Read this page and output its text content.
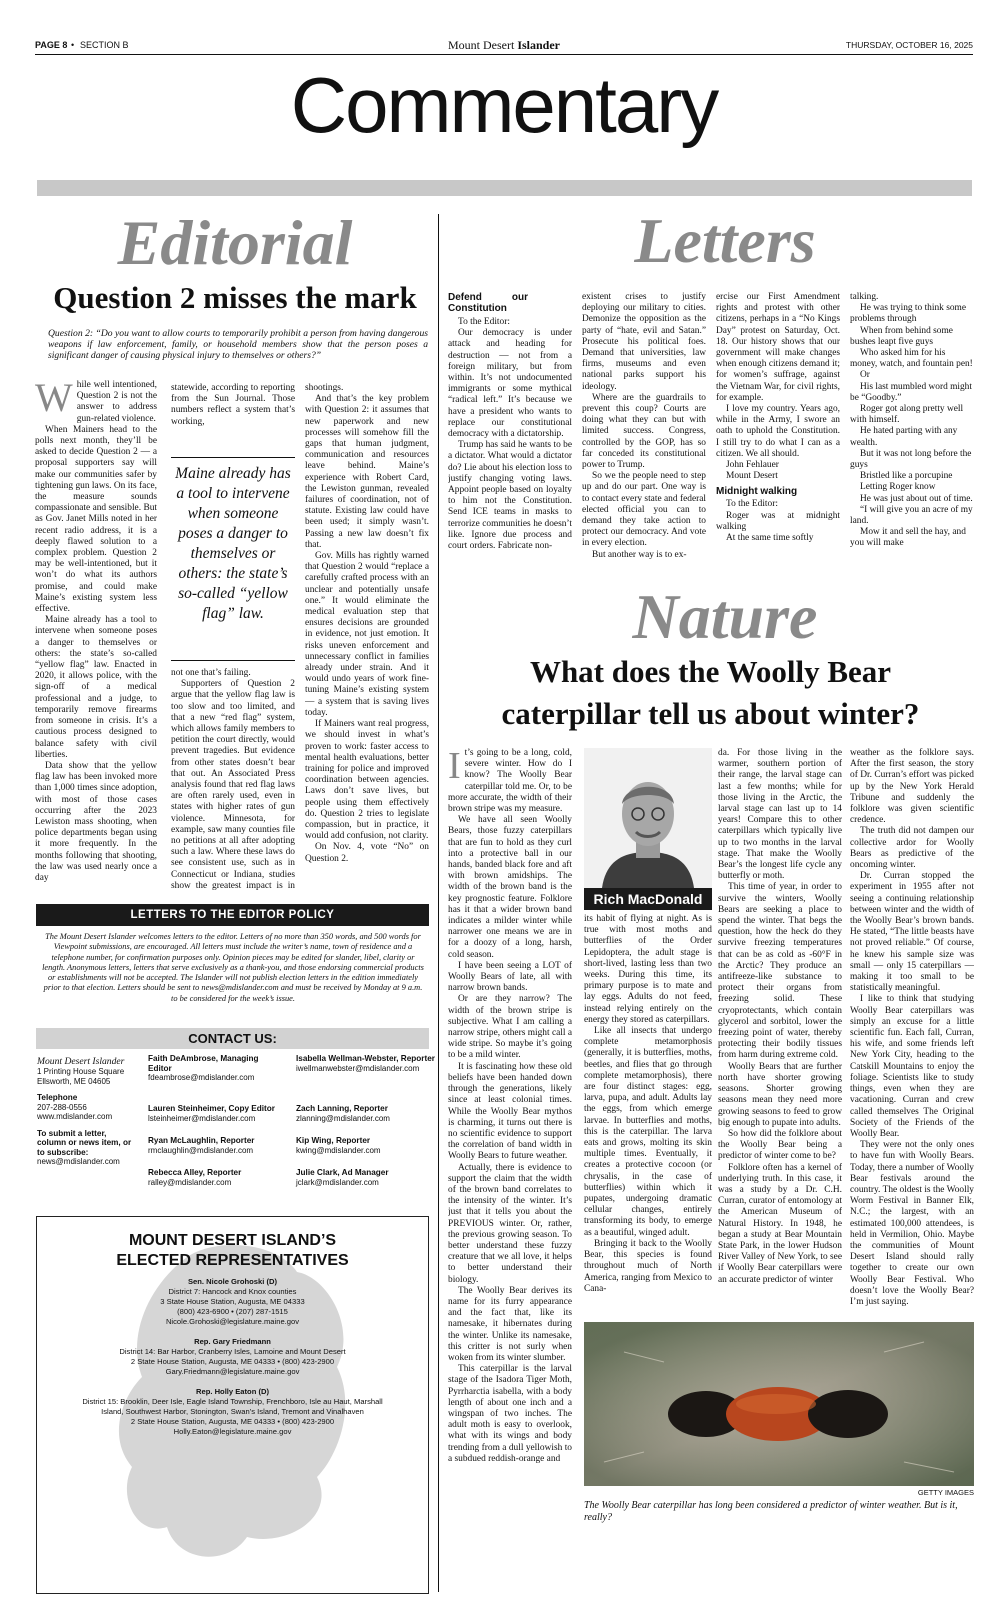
PAGE 8 • SECTION B	Mount Desert Islander	THURSDAY, OCTOBER 16, 2025
Commentary
Editorial
Question 2 misses the mark
Question 2: “Do you want to allow courts to temporarily prohibit a person from having dangerous weapons if law enforcement, family, or household members show that the person poses a significant danger of causing physical injury to themselves or others?”
W hile well intentioned, Question 2 is not the answer to address gun-related violence.

When Mainers head to the polls next month, they’ll be asked to decide Question 2 — a proposal supporters say will make our communities safer by tightening gun laws. On its face, the measure sounds compassionate and sensible. But as Gov. Janet Mills noted in her recent radio address, it is a deeply flawed solution to a complex problem. Question 2 may be well-intentioned, but it won’t do what its authors promise, and could make Maine’s existing system less effective.

Maine already has a tool to intervene when someone poses a danger to themselves or others: the state’s so-called “yellow flag” law. Enacted in 2020, it allows police, with the sign-off of a medical professional and a judge, to temporarily remove firearms from someone in crisis. It’s a cautious process designed to balance safety with civil liberties.

Data show that the yellow flag law has been invoked more than 1,000 times since adoption, with most of those cases occurring after the 2023 Lewiston mass shooting, when police departments began using it more frequently. In the months following that shooting, the law was used nearly once a day

statewide, according to reporting from the Sun Journal. Those numbers reflect a system that’s working,

Maine already has a tool to intervene when someone poses a danger to themselves or others: the state’s so-called “yellow flag” law.

not one that’s failing.

Supporters of Question 2 argue that the yellow flag law is too slow and too limited, and that a new “red flag” system, which allows family members to petition the court directly, would prevent tragedies. But evidence from other states doesn’t bear that out. An Associated Press analysis found that red flag laws are often rarely used, even in states with higher rates of gun violence. Minnesota, for example, saw many counties file no petitions at all after adopting such a law. Where these laws do see consistent use, such as in Connecticut or Indiana, studies show the greatest impact is in

shootings.

And that’s the key problem with Question 2: it assumes that new paperwork and new processes will somehow fill the gaps that human judgment, communication and resources leave behind. Maine’s experience with Robert Card, the Lewiston gunman, revealed failures of coordination, not of statute. Existing law could have been used; it simply wasn’t. Passing a new law doesn’t fix that.

Gov. Mills has rightly warned that Question 2 would “replace a carefully crafted process with an unclear and potentially unsafe one.” It would eliminate the medical evaluation step that ensures decisions are grounded in evidence, not just emotion. It risks uneven enforcement and unnecessary conflict in families already under strain. And it would undo years of work fine-tuning Maine’s existing system — a system that is saving lives today.

If Mainers want real progress, we should invest in what’s proven to work: faster access to mental health evaluations, better training for police and improved coordination between agencies. Laws don’t save lives, but people using them effectively do. Question 2 tries to legislate compassion, but in practice, it would add confusion, not clarity.

On Nov. 4, vote “No” on Question 2.

LETTERS TO THE EDITOR POLICY
The Mount Desert Islander welcomes letters to the editor. Letters of no more than 350 words, and 500 words for Viewpoint submissions, are encouraged. All letters must include the writer’s name, town of residence and a telephone number, for confirmation purposes only. Opinion pieces may be edited for slander, libel, clarity or length. Anonymous letters, letters that serve exclusively as a thank-you, and those endorsing commercial products or establishments will not be accepted. The Islander will not publish election letters in the edition immediately prior to that election. Letters should be sent to news@mdislander.com and must be received by Monday at 9 a.m. to be considered for the week’s issue.
CONTACT US:
Mount Desert Islander
1 Printing House Square
Ellsworth, ME 04605
Telephone
207-288-0556
www.mdislander.com
To submit a letter, column or news item, or to subscribe:
news@mdislander.com
Faith DeAmbrose, Managing Editor
fdeambrose@mdislander.com
Isabella Wellman-Webster, Reporter
iwellmanwebster@mdislander.com
Lauren Steinheimer, Copy Editor
lsteinheimer@mdislander.com
Zach Lanning, Reporter
zlanning@mdislander.com
Ryan McLaughlin, Reporter
rmclaughlin@mdislander.com
Kip Wing, Reporter
kwing@mdislander.com
Rebecca Alley, Reporter
ralley@mdislander.com
Julie Clark, Ad Manager
jclark@mdislander.com
MOUNT DESERT ISLAND’S
ELECTED REPRESENTATIVES
Sen. Nicole Grohoski (D)
District 7: Hancock and Knox counties
3 State House Station, Augusta, ME 04333
(800) 423-6900 • (207) 287-1515
Nicole.Grohoski@legislature.maine.gov
Rep. Gary Friedmann
District 14: Bar Harbor, Cranberry Isles, Lamoine and Mount Desert
2 State House Station, Augusta, ME 04333 • (800) 423-2900
Gary.Friedmann@legislature.maine.gov
Rep. Holly Eaton (D)
District 15: Brooklin, Deer Isle, Eagle Island Township, Frenchboro, Isle au Haut, Marshall
Island, Southwest Harbor, Stonington, Swan’s Island, Tremont and Vinalhaven
2 State House Station, Augusta, ME 04333 • (800) 423-2900
Holly.Eaton@legislature.maine.gov
Letters
Defend our Constitution

To the Editor:

Our democracy is under attack and heading for destruction — not from a foreign military, but from within. It’s not undocumented immigrants or some mythical “radical left.” It’s because we have a president who wants to replace our constitutional democracy with a dictatorship.

Trump has said he wants to be a dictator. What would a dictator do? Lie about his election loss to justify changing voting laws. Appoint people based on loyalty to him not the Constitution. Send ICE teams in masks to terrorize communities he doesn’t like. Ignore due process and court orders. Fabricate non-

existent crises to justify deploying our military to cities. Demonize the opposition as the party of “hate, evil and Satan.” Prosecute his political foes. Demand that universities, law firms, museums and even national parks support his ideology.

Where are the guardrails to prevent this coup? Courts are doing what they can but with limited success. Congress, controlled by the GOP, has so far conceded its constitutional power to Trump.

So we the people need to step up and do our part. One way is to contact every state and federal elected official you can to demand they take action to protect our democracy. And vote in every election.

But another way is to ex-

ercise our First Amendment rights and protest with other citizens, perhaps in a “No Kings Day” protest on Saturday, Oct. 18. Our history shows that our government will make changes when enough citizens demand it; for women’s suffrage, against the Vietnam War, for civil rights, for example.

I love my country. Years ago, while in the Army, I swore an oath to uphold the Constitution. I still try to do what I can as a citizen. We all should.

John Fehlauer

Mount Desert

Midnight walking

To the Editor:

Roger was at midnight walking

At the same time softly

talking.

He was trying to think some problems through

When from behind some bushes leapt five guys

Who asked him for his money, watch, and fountain pen!

Or

His last mumbled word might be “Goodby.”

Roger got along pretty well with himself.

He hated parting with any wealth.

But it was not long before the guys

Bristled like a porcupine

Letting Roger know

He was just about out of time.

“I will give you an acre of my land.

Mow it and sell the hay, and you will make

Nature
What does the Woolly Bear
caterpillar tell us about winter?
Rich MacDonald
I t’s going to be a long, cold, severe winter. How do I know? The Woolly Bear caterpillar told me. Or, to be more accurate, the width of their brown stripe was my measure.

We have all seen Woolly Bears, those fuzzy caterpillars that are fun to hold as they curl into a protective ball in our hands, banded black fore and aft with brown amidships. The width of the brown band is the key prognostic feature. Folklore has it that a wider brown band indicates a milder winter while narrower one means we are in for a doozy of a long, harsh, cold season.

I have been seeing a LOT of Woolly Bears of late, all with narrow brown bands.

Or are they narrow? The width of the brown stripe is subjective. What I am calling a narrow stripe, others might call a wide stripe. So maybe it’s going to be a mild winter.

It is fascinating how these old beliefs have been handed down through the generations, likely since at least colonial times. While the Woolly Bear mythos is charming, it turns out there is no scientific evidence to support the correlation of band width in Woolly Bears to future weather.

Actually, there is evidence to support the claim that the width of the brown band correlates to the intensity of the winter. It’s just that it tells you about the PREVIOUS winter. Or, rather, the previous growing season. To better understand these fuzzy creature that we all love, it helps to better understand their biology.

The Woolly Bear derives its name for its furry appearance and the fact that, like its namesake, it hibernates during the winter. Unlike its namesake, this critter is not surly when woken from its winter slumber.

This caterpillar is the larval stage of the Isadora Tiger Moth, Pyrrharctia isabella, with a body length of about one inch and a wingspan of two inches. The adult moth is easy to overlook, what with its wings and body trending from a dull yellowish to a subdued reddish-orange and

its habit of flying at night. As is true with most moths and butterflies of the Order Lepidoptera, the adult stage is short-lived, lasting less than two weeks. During this time, its primary purpose is to mate and lay eggs. Adults do not feed, instead relying entirely on the energy they stored as caterpillars.

Like all insects that undergo complete metamorphosis (generally, it is butterflies, moths, beetles, and flies that go through complete metamorphosis), there are four distinct stages: egg, larva, pupa, and adult. Adults lay the eggs, from which emerge larvae. In butterflies and moths, this is the caterpillar. The larva eats and grows, molting its skin multiple times. Eventually, it creates a protective cocoon (or chrysalis, in the case of butterflies) within which it pupates, undergoing dramatic cellular changes, entirely transforming its body, to emerge as a beautiful, winged adult.

Bringing it back to the Woolly Bear, this species is found throughout much of North America, ranging from Mexico to Cana-

da. For those living in the warmer, southern portion of their range, the larval stage can last a few months; while for those living in the Arctic, the larval stage can last up to 14 years! Compare this to other caterpillars which typically live up to two months in the larval stage. That make the Woolly Bear’s the longest life cycle any butterfly or moth.

This time of year, in order to survive the winters, Woolly Bears are seeking a place to spend the winter. That begs the question, how the heck do they survive freezing temperatures that can be as cold as -60°F in the Arctic? They produce an antifreeze-like substance to protect their organs from freezing solid. These cryoprotectants, which contain glycerol and sorbitol, lower the freezing point of water, thereby protecting their bodily tissues from harm during extreme cold.

Woolly Bears that are further north have shorter growing seasons. Shorter growing seasons mean they need more growing seasons to feed to grow big enough to pupate into adults.

So how did the folklore about the Woolly Bear being a predictor of winter come to be?

Folklore often has a kernel of underlying truth. In this case, it was a study by a Dr. C.H. Curran, curator of entomology at the American Museum of Natural History. In 1948, he began a study at Bear Mountain State Park, in the lower Hudson River Valley of New York, to see if Woolly Bear caterpillars were an accurate predictor of winter

weather as the folklore says. After the first season, the story of Dr. Curran’s effort was picked up by the New York Herald Tribune and suddenly the folklore was given scientific credence.

The truth did not dampen our collective ardor for Woolly Bears as predictive of the oncoming winter.

Dr. Curran stopped the experiment in 1955 after not seeing a continuing relationship between winter and the width of the Woolly Bear’s brown bands. He stated, “The little beasts have not proved reliable.” Of course, he knew his sample size was small — only 15 caterpillars — making it too small to be statistically meaningful.

I like to think that studying Woolly Bear caterpillars was simply an excuse for a little scientific fun. Each fall, Curran, his wife, and some friends left New York City, heading to the Catskill Mountains to enjoy the foliage. Scientists like to study things, even when they are vacationing. Curran and crew called themselves The Original Society of the Friends of the Woolly Bear.

They were not the only ones to have fun with Woolly Bears. Today, there a number of Woolly Bear festivals around the country. The oldest is the Woolly Worm Festival in Banner Elk, N.C.; the largest, with an estimated 100,000 attendees, is held in Vermilion, Ohio. Maybe the communities of Mount Desert Island should rally together to create our own Woolly Bear Festival. Who doesn’t love the Woolly Bear? I’m just saying.

GETTY IMAGES
The Woolly Bear caterpillar has long been considered a predictor of winter weather. But is it, really?
